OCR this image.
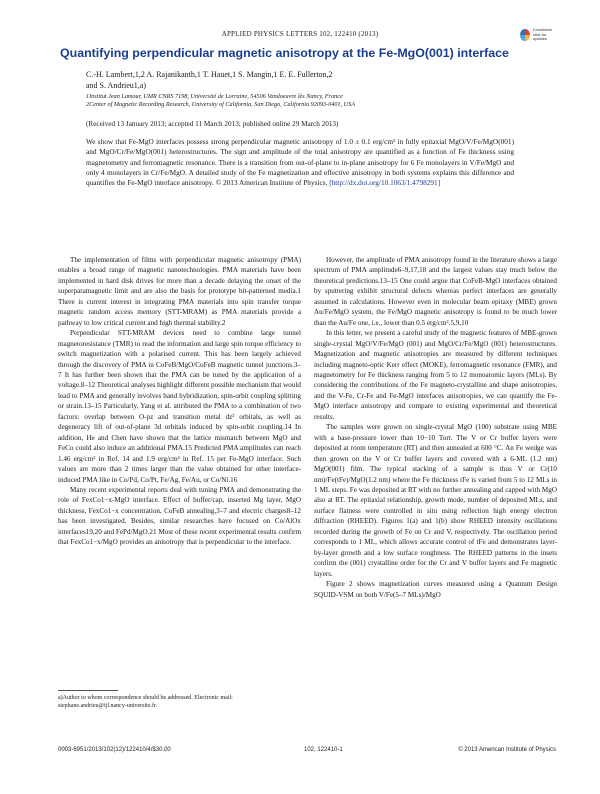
APPLIED PHYSICS LETTERS 102, 122410 (2013)
CrossMark
click for updates
Quantifying perpendicular magnetic anisotropy at the Fe-MgO(001) interface
C.-H. Lambert,1,2 A. Rajanikanth,1 T. Hauet,1 S. Mangin,1 E. E. Fullerton,2
and S. Andrieu1,a)
1Institut Jean Lamour, UMR CNRS 7198, Université de Lorraine, 54506 Vandoeuvre lès Nancy, France
2Center of Magnetic Recording Research, University of California, San Diego, California 92093-0401, USA
(Received 13 January 2013; accepted 11 March 2013; published online 29 March 2013)
We show that Fe-MgO interfaces possess strong perpendicular magnetic anisotropy of 1.0 ± 0.1 erg/cm² in fully epitaxial MgO/V/Fe/MgO(001) and MgO/Cr/Fe/MgO(001) heterostructures. The sign and amplitude of the total anisotropy are quantified as a function of Fe thickness using magnetometry and ferromagnetic resonance. There is a transition from out-of-plane to in-plane anisotropy for 6 Fe monolayers in V/Fe/MgO and only 4 monolayers in Cr/Fe/MgO. A detailed study of the Fe magnetization and effective anisotropy in both systems explains this difference and quantifies the Fe-MgO interface anisotropy. © 2013 American Institute of Physics. [http://dx.doi.org/10.1063/1.4798291]

The implementation of films with perpendicular magnetic anisotropy (PMA) enables a broad range of magnetic nanotechnologies. PMA materials have been implemented in hard disk drives for more than a decade delaying the onset of the superparamagnetic limit and are also the basis for prototype bit-patterned media.1 There is current interest in integrating PMA materials into spin transfer torque magnetic random access memory (STT-MRAM) as PMA materials provide a pathway to low critical current and high thermal stability.2

Perpendicular STT-MRAM devices need to combine large tunnel magnetoresistance (TMR) to read the information and large spin torque efficiency to switch magnetization with a polarised current. This has been largely achieved through the discovery of PMA in CoFeB/MgO/CoFeB magnetic tunnel junctions.3–7 It has further been shown that the PMA can be tuned by the application of a voltage.8–12 Theoretical analyses highlight different possible mechanism that would lead to PMA and generally involves band hybridization, spin-orbit coupling splitting or strain.13–15 Particularly, Yang et al. attributed the PMA to a combination of two factors: overlap between O-pz and transition metal dz² orbitals, as well as degeneracy lift of out-of-plane 3d orbitals induced by spin-orbit coupling.14 In addition, He and Chen have shown that the lattice mismatch between MgO and FeCo could also induce an additional PMA.15 Predicted PMA amplitudes can reach 1.46 erg/cm² in Ref. 14 and 1.9 erg/cm² in Ref. 15 per Fe-MgO interface. Such values are more than 2 times larger than the value obtained for other interface-induced PMA like in Co/Pd, Co/Pt, Fe/Ag, Fe/Au, or Co/Ni.16

Many recent experimental reports deal with tuning PMA and demonstrating the role of FexCo1−x-MgO interface. Effect of buffer/cap, inserted Mg layer, MgO thickness, FexCo1−x concentration, CoFeB annealing,3–7 and electric charges8–12 has been investigated. Besides, similar researches have focused on Co/AlOx interfaces19,20 and FePd/MgO.21 Most of these recent experimental results confirm that FexCo1−x/MgO provides an anisotropy that is perpendicular to the interface.

However, the amplitude of PMA anisotropy found in the literature shows a large spectrum of PMA amplitude6–9,17,18 and the largest values stay much below the theoretical predictions.13–15 One could argue that CoFeB-MgO interfaces obtained by sputtering exhibit structural defects whereas perfect interfaces are generally assumed in calculations. However even in molecular beam epitaxy (MBE) grown Au/Fe/MgO system, the Fe/MgO magnetic anisotropy is found to be much lower than the Au/Fe one, i.e., lower than 0.5 erg/cm².5,9,10

In this letter, we present a careful study of the magnetic features of MBE-grown single-crystal MgO/V/Fe/MgO (001) and MgO/Cr/Fe/MgO (001) heterostructures. Magnetization and magnetic anisotropies are measured by different techniques including magneto-optic Kerr effect (MOKE), ferromagnetic resonance (FMR), and magnetometry for Fe thickness ranging from 5 to 12 monoatomic layers (MLs). By considering the contributions of the Fe magneto-crystalline and shape anisotropies, and the V-Fe, Cr-Fe and Fe-MgO interfaces anisotropies, we can quantify the Fe-MgO interface anisotropy and compare to existing experimental and theoretical results.

The samples were grown on single-crystal MgO (100) substrate using MBE with a base-pressure lower than 10−10 Torr. The V or Cr buffer layers were deposited at room temperature (RT) and then annealed at 600 °C. An Fe wedge was then grown on the V or Cr buffer layers and covered with a 6-ML (1.2 nm) MgO(001) film. The typical stacking of a sample is thus V or Cr(10 nm)/Fe(tFe)/MgO(1.2 nm) where the Fe thickness tFe is varied from 5 to 12 MLs in 1 ML steps. Fe was deposited at RT with no further annealing and capped with MgO also at RT. The epitaxial relationship, growth mode, number of deposited MLs, and surface flatness were controlled in situ using reflection high energy electron diffraction (RHEED). Figures 1(a) and 1(b) show RHEED intensity oscillations recorded during the growth of Fe on Cr and V, respectively. The oscillation period corresponds to 1 ML, which allows accurate control of tFe and demonstrates layer-by-layer growth and a low surface roughness. The RHEED patterns in the insets confirm the (001) crystalline order for the Cr and V buffer layers and Fe magnetic layers.

Figure 2 shows magnetization curves measured using a Quantum Design SQUID-VSM on both V/Fe(5–7 MLs)/MgO

a)Author to whom correspondence should be addressed. Electronic mail: stephane.andrieu@ijl.nancy-universite.fr.
0003-6951/2013/102(12)/122410/4/$30.00	102, 122410-1	© 2013 American Institute of Physics
